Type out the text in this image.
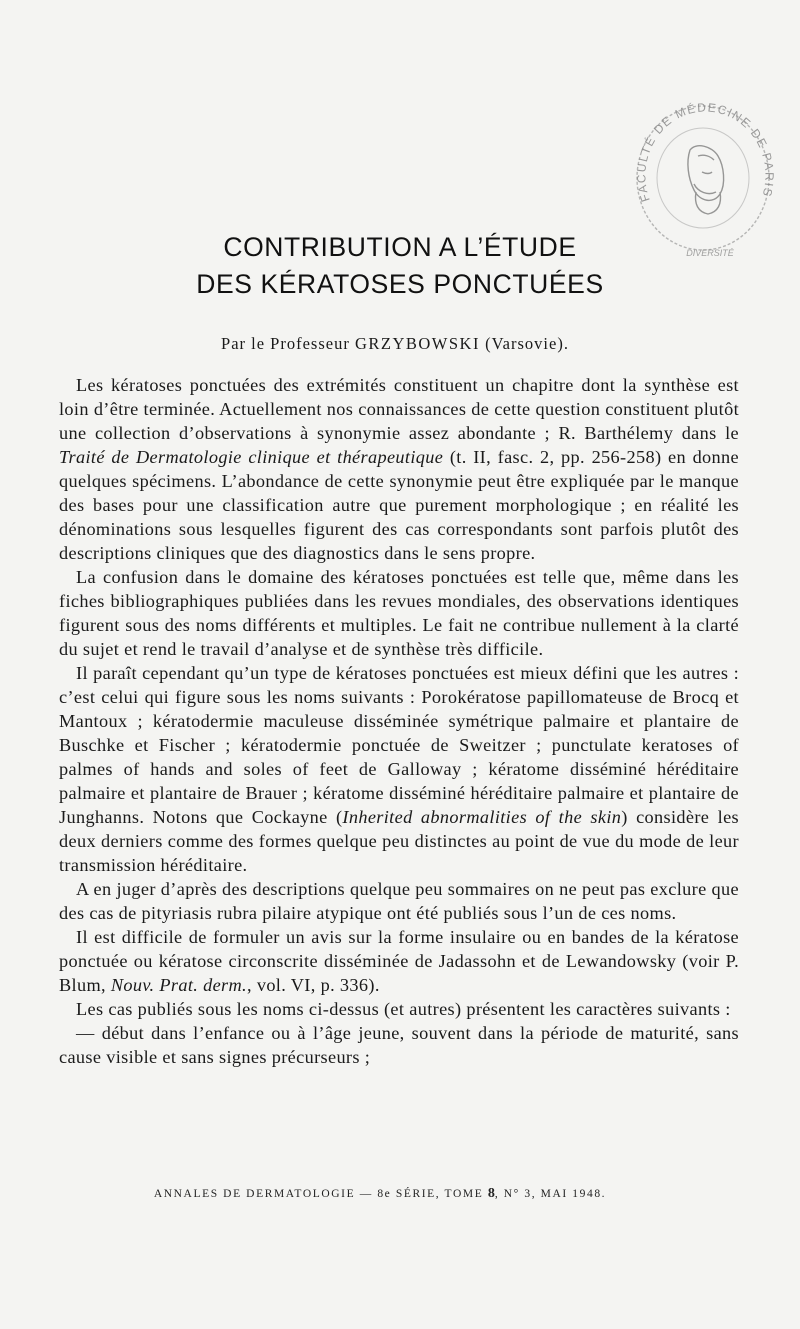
FACULTÉ DE MÉDECINE DE PARIS
DIVERSITÉ
CONTRIBUTION A L’ÉTUDE
DES KÉRATOSES PONCTUÉES
Par le Professeur GRZYBOWSKI (Varsovie).

Les kératoses ponctuées des extrémités constituent un chapitre dont la synthèse est loin d’être terminée. Actuellement nos connaissances de cette question constituent plutôt une collection d’observations à synonymie assez abondante ; R. Barthélemy dans le Traité de Dermatologie clinique et thérapeutique (t. II, fasc. 2, pp. 256-258) en donne quelques spécimens. L’abondance de cette synonymie peut être expliquée par le manque des bases pour une classification autre que purement morphologique ; en réalité les dénominations sous lesquelles figurent des cas correspondants sont parfois plutôt des descriptions cliniques que des diagnostics dans le sens propre.

La confusion dans le domaine des kératoses ponctuées est telle que, même dans les fiches bibliographiques publiées dans les revues mondiales, des observations identiques figurent sous des noms différents et multiples. Le fait ne contribue nullement à la clarté du sujet et rend le travail d’analyse et de synthèse très difficile.

Il paraît cependant qu’un type de kératoses ponctuées est mieux défini que les autres : c’est celui qui figure sous les noms suivants : Porokératose papillomateuse de Brocq et Mantoux ; kératodermie maculeuse disséminée symétrique palmaire et plantaire de Buschke et Fischer ; kératodermie ponctuée de Sweitzer ; punctulate keratoses of palmes of hands and soles of feet de Galloway ; kératome disséminé héréditaire palmaire et plantaire de Brauer ; kératome disséminé héréditaire palmaire et plantaire de Junghanns. Notons que Cockayne (Inherited abnormalities of the skin) considère les deux derniers comme des formes quelque peu distinctes au point de vue du mode de leur transmission héréditaire.

A en juger d’après des descriptions quelque peu sommaires on ne peut pas exclure que des cas de pityriasis rubra pilaire atypique ont été publiés sous l’un de ces noms.

Il est difficile de formuler un avis sur la forme insulaire ou en bandes de la kératose ponctuée ou kératose circonscrite disséminée de Jadassohn et de Lewandowsky (voir P. Blum, Nouv. Prat. derm., vol. VI, p. 336).

Les cas publiés sous les noms ci-dessus (et autres) présentent les caractères suivants :

— début dans l’enfance ou à l’âge jeune, souvent dans la période de maturité, sans cause visible et sans signes précurseurs ;

ANNALES DE DERMATOLOGIE — 8e SÉRIE, TOME 8, N° 3, MAI 1948.
